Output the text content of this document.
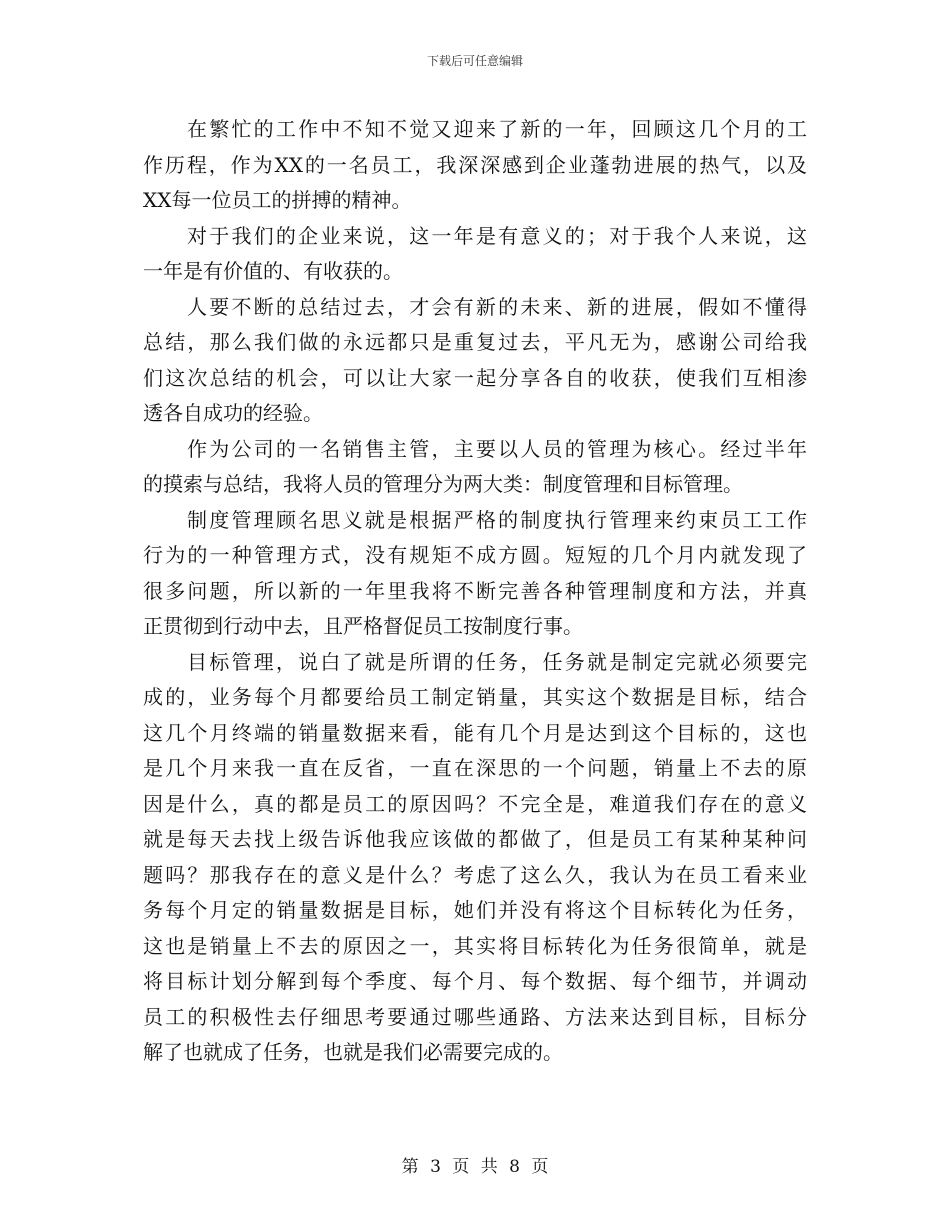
下载后可任意编辑
在繁忙的工作中不知不觉又迎来了新的一年，回顾这几个月的工
作历程，作为XX的一名员工，我深深感到企业蓬勃进展的热气，以及
XX每一位员工的拼搏的精神。
对于我们的企业来说，这一年是有意义的；对于我个人来说，这
一年是有价值的、有收获的。
人要不断的总结过去，才会有新的未来、新的进展，假如不懂得
总结，那么我们做的永远都只是重复过去，平凡无为，感谢公司给我
们这次总结的机会，可以让大家一起分享各自的收获，使我们互相渗
透各自成功的经验。
作为公司的一名销售主管，主要以人员的管理为核心。经过半年
的摸索与总结，我将人员的管理分为两大类：制度管理和目标管理。
制度管理顾名思义就是根据严格的制度执行管理来约束员工工作
行为的一种管理方式，没有规矩不成方圆。短短的几个月内就发现了
很多问题，所以新的一年里我将不断完善各种管理制度和方法，并真
正贯彻到行动中去，且严格督促员工按制度行事。
目标管理，说白了就是所谓的任务，任务就是制定完就必须要完
成的，业务每个月都要给员工制定销量，其实这个数据是目标，结合
这几个月终端的销量数据来看，能有几个月是达到这个目标的，这也
是几个月来我一直在反省，一直在深思的一个问题，销量上不去的原
因是什么，真的都是员工的原因吗？不完全是，难道我们存在的意义
就是每天去找上级告诉他我应该做的都做了，但是员工有某种某种问
题吗？那我存在的意义是什么？考虑了这么久，我认为在员工看来业
务每个月定的销量数据是目标，她们并没有将这个目标转化为任务，
这也是销量上不去的原因之一，其实将目标转化为任务很简单，就是
将目标计划分解到每个季度、每个月、每个数据、每个细节，并调动
员工的积极性去仔细思考要通过哪些通路、方法来达到目标，目标分
解了也就成了任务，也就是我们必需要完成的。
第 3 页 共 8 页
